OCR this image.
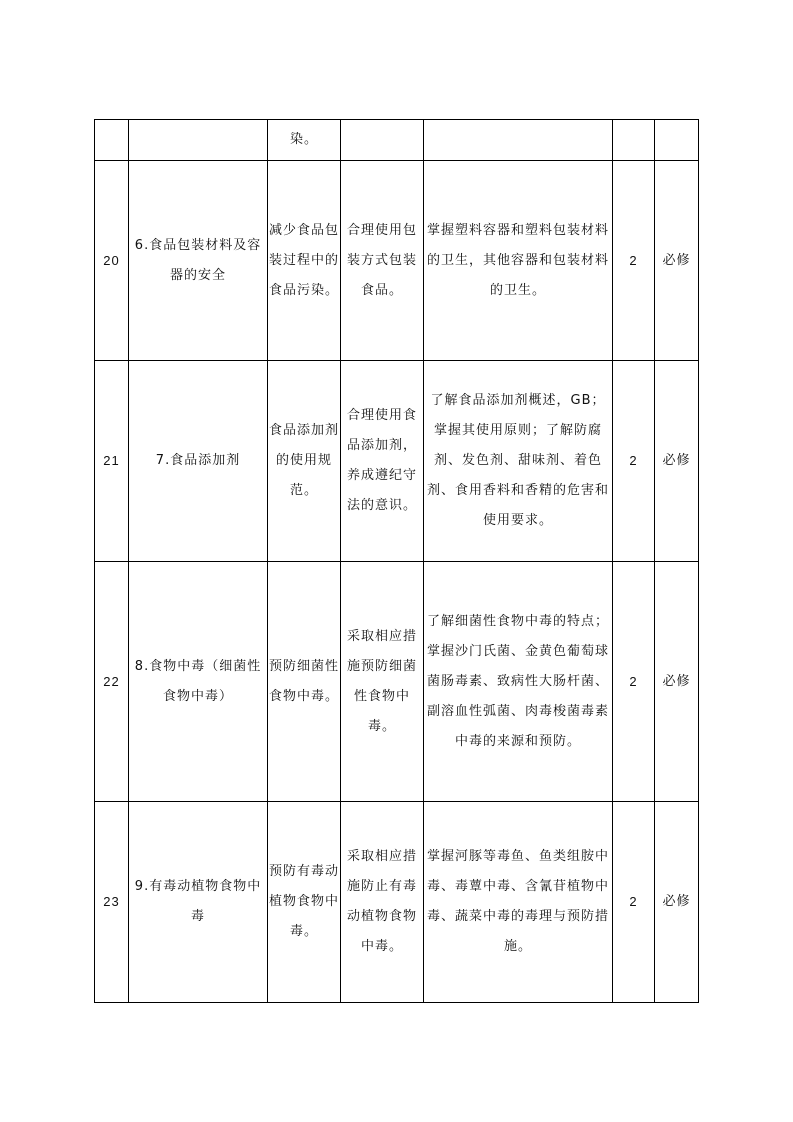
		染。				

20	6.食品包装材料及容器的安全	减少食品包装过程中的食品污染。	合理使用包装方式包装食品。	掌握塑料容器和塑料包装材料的卫生，其他容器和包装材料的卫生。	2	必修

21	7.食品添加剂	食品添加剂的使用规范。	合理使用食品添加剂，养成遵纪守法的意识。	了解食品添加剂概述，GB；掌握其使用原则；了解防腐剂、发色剂、甜味剂、着色剂、食用香料和香精的危害和使用要求。	2	必修

22	8.食物中毒（细菌性食物中毒）	预防细菌性食物中毒。	采取相应措施预防细菌性食物中毒。	了解细菌性食物中毒的特点；掌握沙门氏菌、金黄色葡萄球菌肠毒素、致病性大肠杆菌、副溶血性弧菌、肉毒梭菌毒素中毒的来源和预防。	2	必修

23	9.有毒动植物食物中毒	预防有毒动植物食物中毒。	采取相应措施防止有毒动植物食物中毒。	掌握河豚等毒鱼、鱼类组胺中毒、毒蕈中毒、含氰苷植物中毒、蔬菜中毒的毒理与预防措施。	2	必修
